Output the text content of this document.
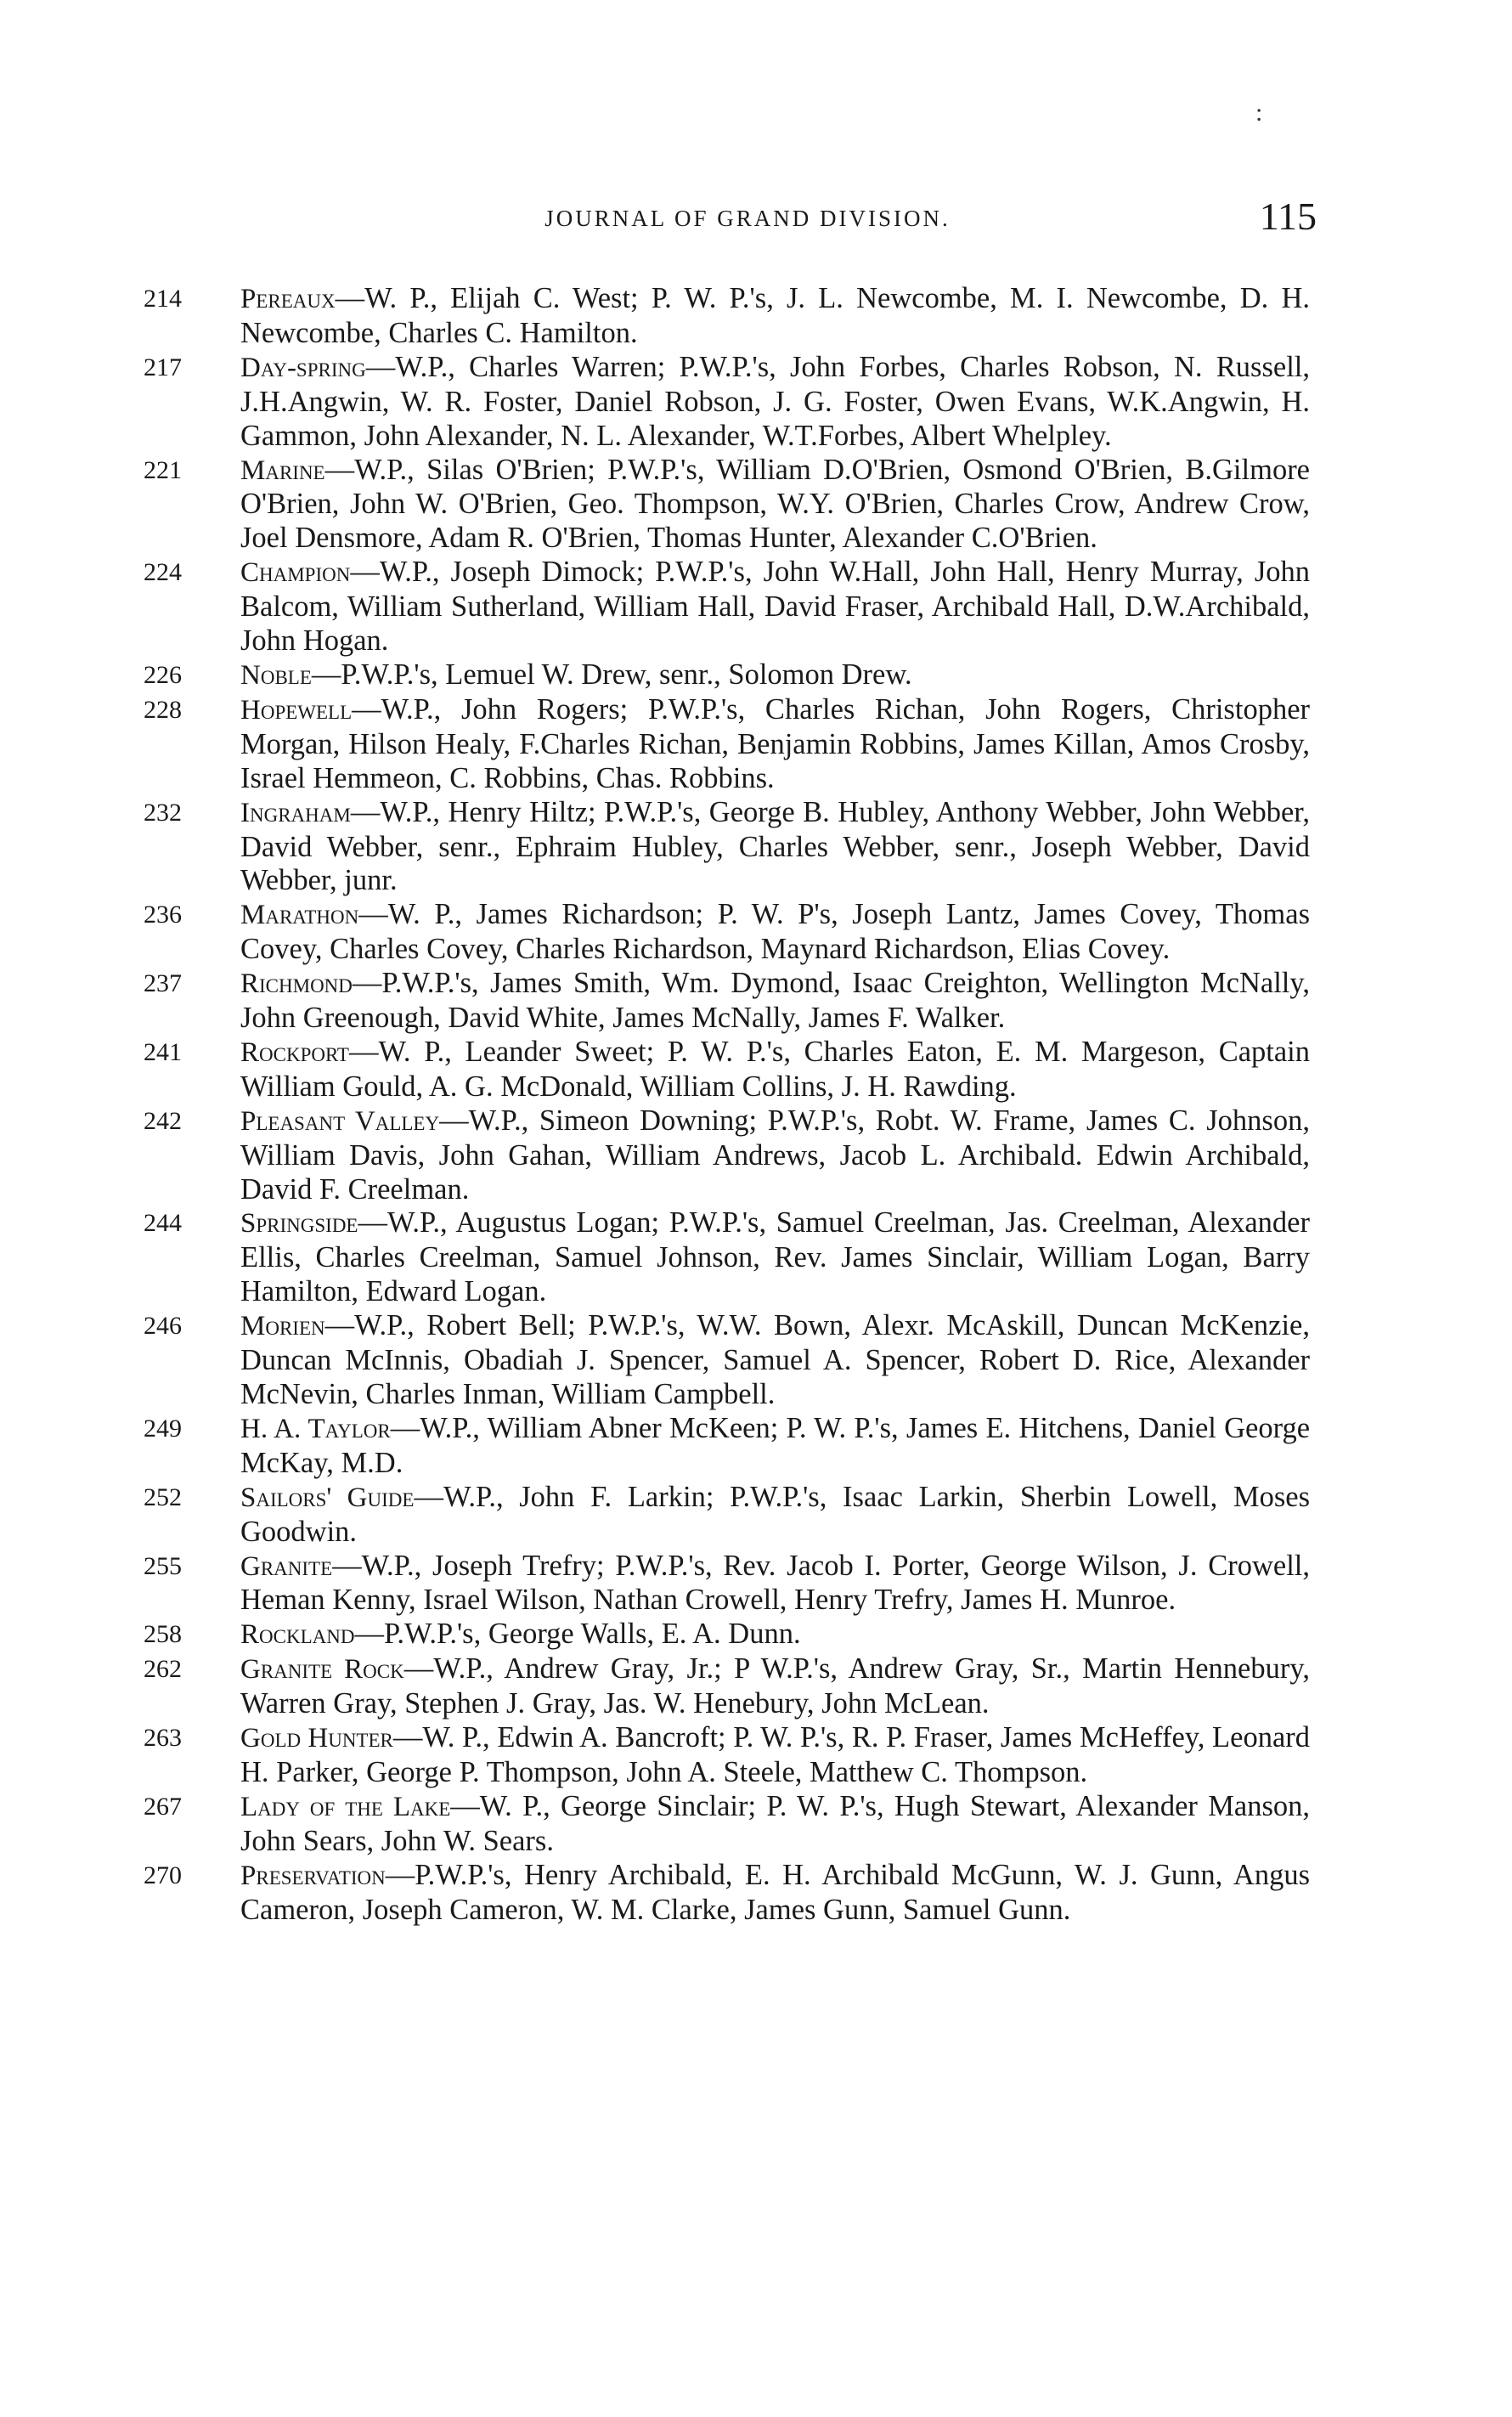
:
JOURNAL OF GRAND DIVISION.	115
214 Pereaux—W. P., Elijah C. West; P. W. P.'s, J. L. Newcombe, M. I. Newcombe, D. H. Newcombe, Charles C. Hamilton.
217 Day-spring—W.P., Charles Warren; P.W.P.'s, John Forbes, Charles Robson, N. Russell, J.H.Angwin, W. R. Foster, Daniel Robson, J. G. Foster, Owen Evans, W.K.Angwin, H. Gammon, John Alexander, N. L. Alexander, W.T.Forbes, Albert Whelpley.
221 Marine—W.P., Silas O'Brien; P.W.P.'s, William D.O'Brien, Osmond O'Brien, B.Gilmore O'Brien, John W. O'Brien, Geo. Thompson, W.Y. O'Brien, Charles Crow, Andrew Crow, Joel Densmore, Adam R. O'Brien, Thomas Hunter, Alexander C.O'Brien.
224 Champion—W.P., Joseph Dimock; P.W.P.'s, John W.Hall, John Hall, Henry Murray, John Balcom, William Sutherland, William Hall, David Fraser, Archibald Hall, D.W.Archibald, John Hogan.
226 Noble—P.W.P.'s, Lemuel W. Drew, senr., Solomon Drew.
228 Hopewell—W.P., John Rogers; P.W.P.'s, Charles Richan, John Rogers, Christopher Morgan, Hilson Healy, F.Charles Richan, Benjamin Robbins, James Killan, Amos Crosby, Israel Hemmeon, C. Robbins, Chas. Robbins.
232 Ingraham—W.P., Henry Hiltz; P.W.P.'s, George B. Hubley, Anthony Webber, John Webber, David Webber, senr., Ephraim Hubley, Charles Webber, senr., Joseph Webber, David Webber, junr.
236 Marathon—W. P., James Richardson; P. W. P's, Joseph Lantz, James Covey, Thomas Covey, Charles Covey, Charles Richardson, Maynard Richardson, Elias Covey.
237 Richmond—P.W.P.'s, James Smith, Wm. Dymond, Isaac Creighton, Wellington McNally, John Greenough, David White, James McNally, James F. Walker.
241 Rockport—W. P., Leander Sweet; P. W. P.'s, Charles Eaton, E. M. Margeson, Captain William Gould, A. G. McDonald, William Collins, J. H. Rawding.
242 Pleasant Valley—W.P., Simeon Downing; P.W.P.'s, Robt. W. Frame, James C. Johnson, William Davis, John Gahan, William Andrews, Jacob L. Archibald. Edwin Archibald, David F. Creelman.
244 Springside—W.P., Augustus Logan; P.W.P.'s, Samuel Creelman, Jas. Creelman, Alexander Ellis, Charles Creelman, Samuel Johnson, Rev. James Sinclair, William Logan, Barry Hamilton, Edward Logan.
246 Morien—W.P., Robert Bell; P.W.P.'s, W.W. Bown, Alexr. McAskill, Duncan McKenzie, Duncan McInnis, Obadiah J. Spencer, Samuel A. Spencer, Robert D. Rice, Alexander McNevin, Charles Inman, William Campbell.
249 H. A. Taylor—W.P., William Abner McKeen; P. W. P.'s, James E. Hitchens, Daniel George McKay, M.D.
252 Sailors' Guide—W.P., John F. Larkin; P.W.P.'s, Isaac Larkin, Sherbin Lowell, Moses Goodwin.
255 Granite—W.P., Joseph Trefry; P.W.P.'s, Rev. Jacob I. Porter, George Wilson, J. Crowell, Heman Kenny, Israel Wilson, Nathan Crowell, Henry Trefry, James H. Munroe.
258 Rockland—P.W.P.'s, George Walls, E. A. Dunn.
262 Granite Rock—W.P., Andrew Gray, Jr.; P W.P.'s, Andrew Gray, Sr., Martin Hennebury, Warren Gray, Stephen J. Gray, Jas. W. Henebury, John McLean.
263 Gold Hunter—W. P., Edwin A. Bancroft; P. W. P.'s, R. P. Fraser, James McHeffey, Leonard H. Parker, George P. Thompson, John A. Steele, Matthew C. Thompson.
267 Lady of the Lake—W. P., George Sinclair; P. W. P.'s, Hugh Stewart, Alexander Manson, John Sears, John W. Sears.
270 Preservation—P.W.P.'s, Henry Archibald, E. H. Archibald McGunn, W. J. Gunn, Angus Cameron, Joseph Cameron, W. M. Clarke, James Gunn, Samuel Gunn.
